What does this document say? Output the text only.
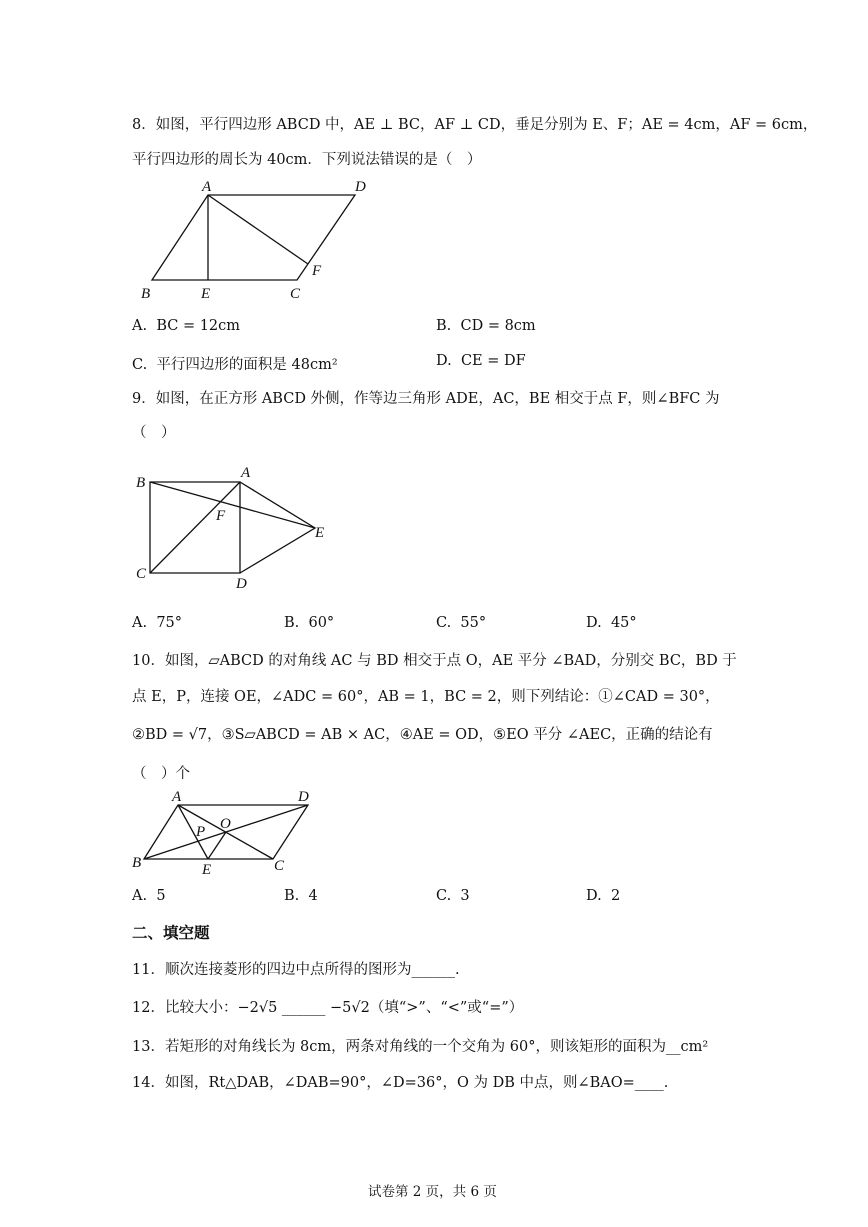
8．如图，平行四边形 ABCD 中，AE ⊥ BC，AF ⊥ CD，垂足分别为 E、F；AE = 4cm，AF = 6cm，
平行四边形的周长为 40cm．下列说法错误的是（　）
A	D
B	E	C
F
A. BC = 12cm	B. CD = 8cm
C. 平行四边形的面积是 48cm²	D. CE = DF
9．如图，在正方形 ABCD 外侧，作等边三角形 ADE，AC，BE 相交于点 F，则∠BFC 为
（　）
B
A
F
E
C
D
A. 75°	B. 60°	C. 55°	D. 45°
10．如图，▱ABCD 的对角线 AC 与 BD 相交于点 O，AE 平分 ∠BAD，分别交 BC，BD 于
点 E，P，连接 OE，∠ADC = 60°，AB = 1，BC = 2，则下列结论：①∠CAD = 30°，
②BD = √7，③S▱ABCD = AB × AC，④AE = OD，⑤EO 平分 ∠AEC，正确的结论有
（　）个
A	D
P O
B	E	C
A. 5	B. 4	C. 3	D. 2
二、填空题
11．顺次连接菱形的四边中点所得的图形为______.
12．比较大小：−2√5 ______ −5√2（填“>”、“<”或“=”）
13．若矩形的对角线长为 8cm，两条对角线的一个交角为 60°，则该矩形的面积为__cm²
14．如图，Rt△DAB，∠DAB=90°，∠D=36°，O 为 DB 中点，则∠BAO=____.
试卷第 2 页，共 6 页
